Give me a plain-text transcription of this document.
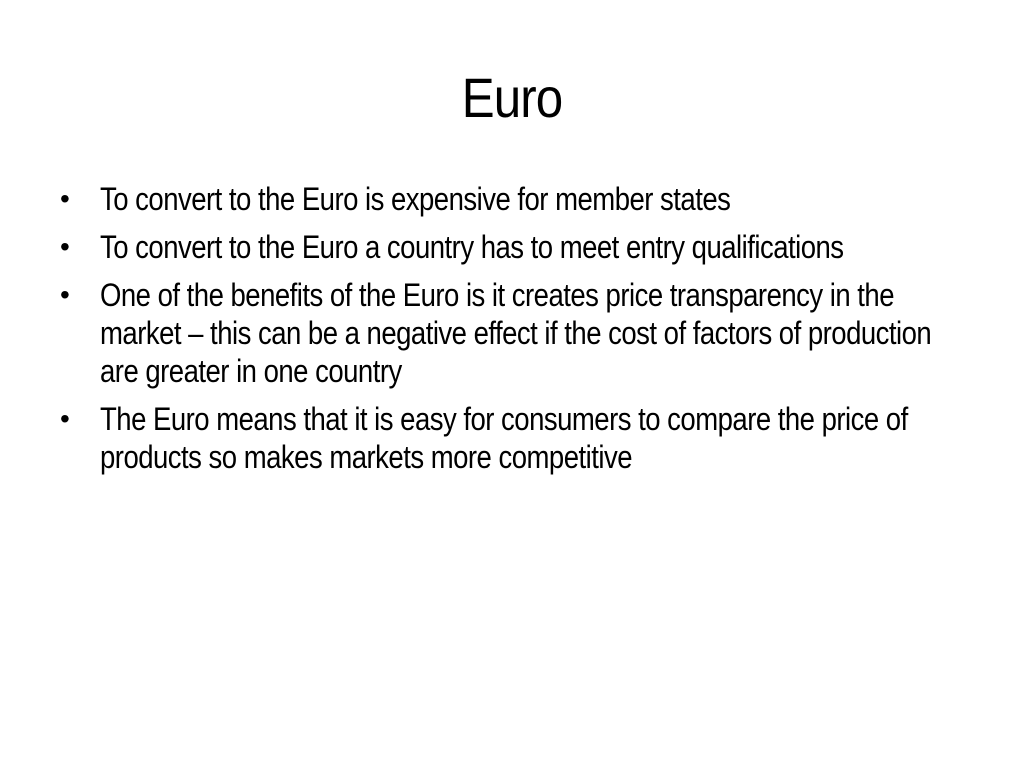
Euro
• To convert to the Euro is expensive for member states
• To convert to the Euro a country has to meet entry qualifications
• One of the benefits of the Euro is it creates price transparency in the market – this can be a negative effect if the cost of factors of production are greater in one country
• The Euro means that it is easy for consumers to compare the price of products so makes markets more competitive
